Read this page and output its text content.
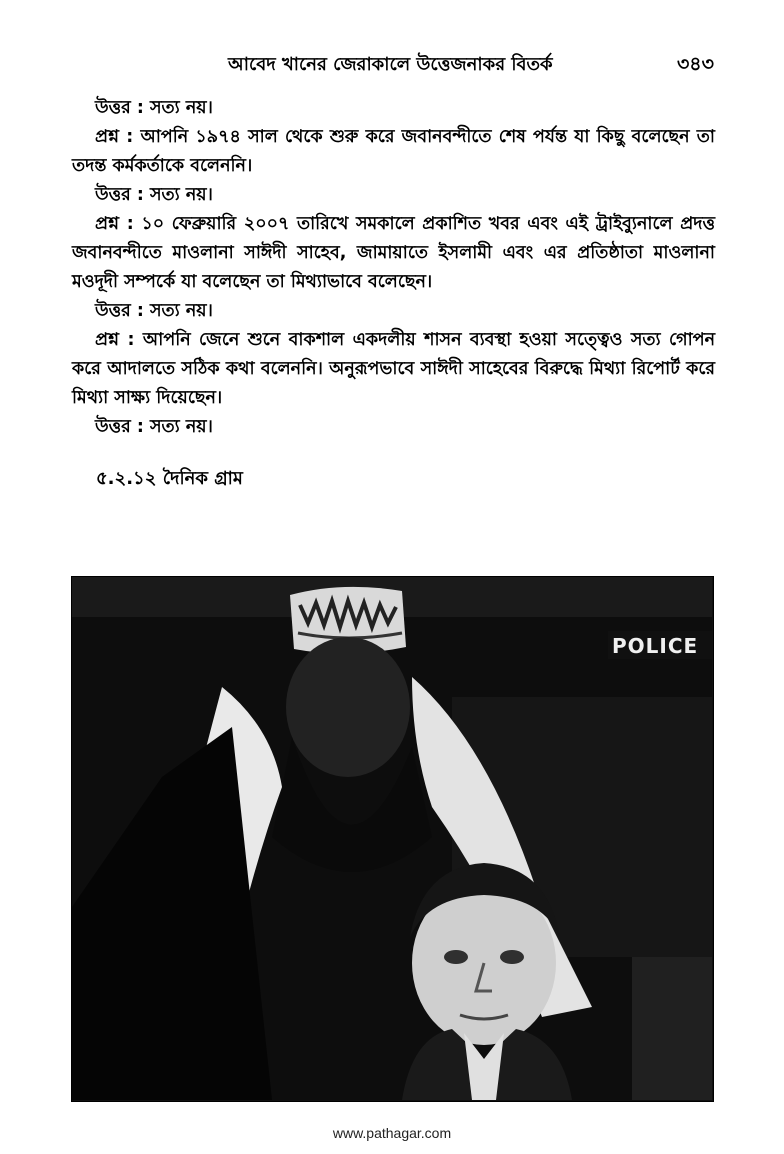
আবেদ খানের জেরাকালে উত্তেজনাকর বিতর্ক	৩৪৩

উত্তর : সত্য নয়।

প্রশ্ন : আপনি ১৯৭৪ সাল থেকে শুরু করে জবানবন্দীতে শেষ পর্যন্ত যা কিছু বলেছেন তা তদন্ত কর্মকর্তাকে বলেননি।

উত্তর : সত্য নয়।

প্রশ্ন : ১০ ফেব্রুয়ারি ২০০৭ তারিখে সমকালে প্রকাশিত খবর এবং এই ট্রাইব্যুনালে প্রদত্ত জবানবন্দীতে মাওলানা সাঈদী সাহেব, জামায়াতে ইসলামী এবং এর প্রতিষ্ঠাতা মাওলানা মওদূদী সম্পর্কে যা বলেছেন তা মিথ্যাভাবে বলেছেন।

উত্তর : সত্য নয়।

প্রশ্ন : আপনি জেনে শুনে বাকশাল একদলীয় শাসন ব্যবস্থা হওয়া সত্ত্বেও সত্য গোপন করে আদালতে সঠিক কথা বলেননি। অনুরূপভাবে সাঈদী সাহেবের বিরুদ্ধে মিথ্যা রিপোর্ট করে মিথ্যা সাক্ষ্য দিয়েছেন।

উত্তর : সত্য নয়।

৫.২.১২ দৈনিক গ্রাম
POLICE
www.pathagar.com
